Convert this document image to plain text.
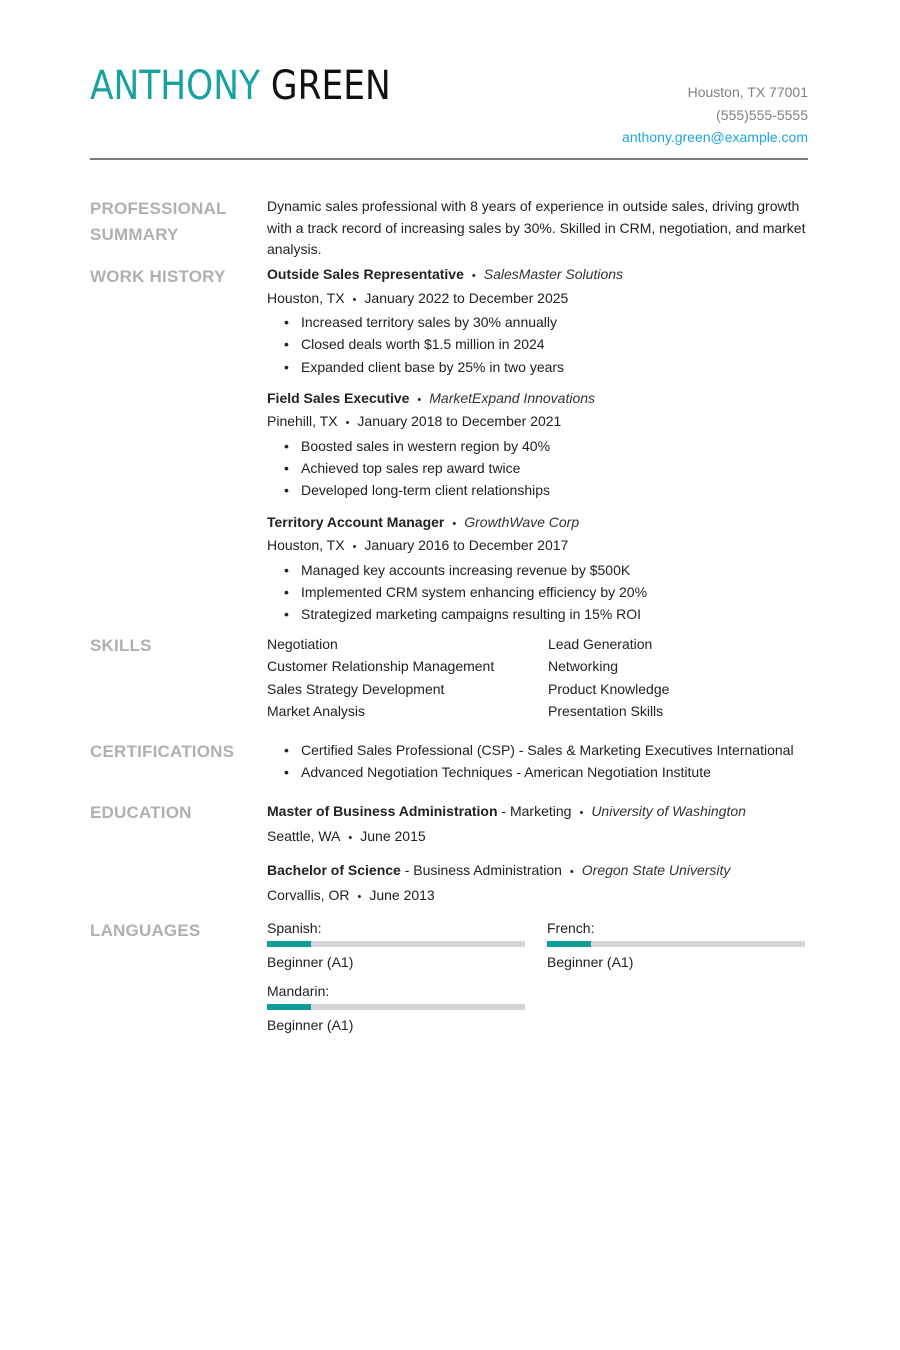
ANTHONY GREEN	Houston, TX 77001
(555)555-5555
anthony.green@example.com
PROFESSIONAL SUMMARY
Dynamic sales professional with 8 years of experience in outside sales, driving growth with a track record of increasing sales by 30%. Skilled in CRM, negotiation, and market analysis.
WORK HISTORY	Outside Sales Representative • SalesMaster Solutions
Houston, TX • January 2022 to December 2025
• Increased territory sales by 30% annually
• Closed deals worth $1.5 million in 2024
• Expanded client base by 25% in two years
Field Sales Executive • MarketExpand Innovations
Pinehill, TX • January 2018 to December 2021
• Boosted sales in western region by 40%
• Achieved top sales rep award twice
• Developed long-term client relationships
Territory Account Manager • GrowthWave Corp
Houston, TX • January 2016 to December 2017
• Managed key accounts increasing revenue by $500K
• Implemented CRM system enhancing efficiency by 20%
• Strategized marketing campaigns resulting in 15% ROI
SKILLS	Negotiation	Lead Generation
Customer Relationship Management	Networking
Sales Strategy Development	Product Knowledge
Market Analysis	Presentation Skills
CERTIFICATIONS	• Certified Sales Professional (CSP) - Sales & Marketing Executives International
• Advanced Negotiation Techniques - American Negotiation Institute
EDUCATION	Master of Business Administration - Marketing • University of Washington
Seattle, WA • June 2015
Bachelor of Science - Business Administration • Oregon State University
Corvallis, OR • June 2013
LANGUAGES	Spanish:
Beginner (A1)
French:
Beginner (A1)
Mandarin:
Beginner (A1)
